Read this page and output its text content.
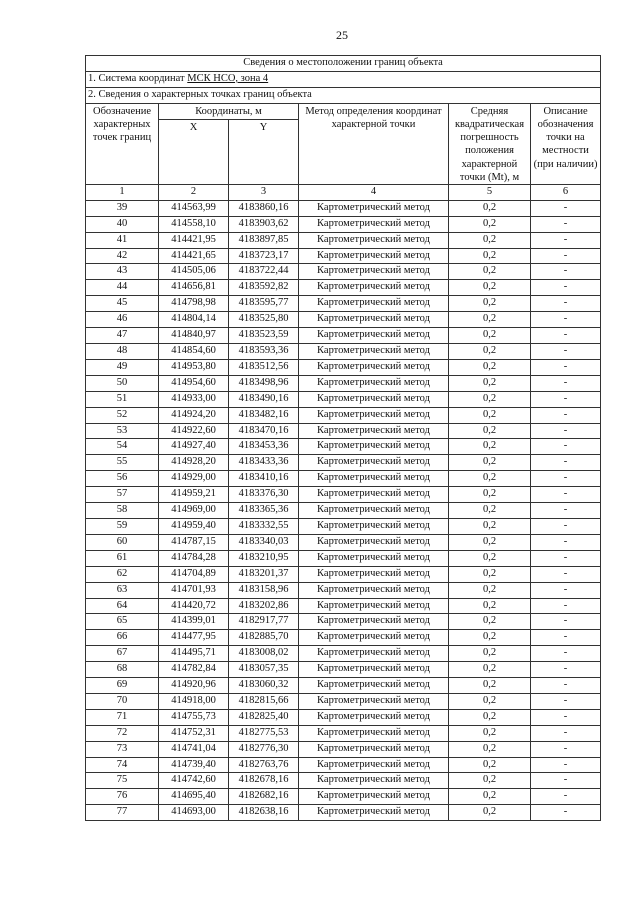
25
Сведения о местоположении границ объекта					
1. Система координат МСК НСО, зона 4					
2. Сведения о характерных точках границ объекта					
Обозначение характерных точек границ	Координаты, м		Метод определения координат характерной точки	Средняя квадратическая погрешность положения характерной точки (Mt), м	Описание обозначения точки на местности (при наличии)
	X	Y			
1	2	3	4	5	6
39	414563,99	4183860,16	Картометрический метод	0,2	-
40	414558,10	4183903,62	Картометрический метод	0,2	-
41	414421,95	4183897,85	Картометрический метод	0,2	-
42	414421,65	4183723,17	Картометрический метод	0,2	-
43	414505,06	4183722,44	Картометрический метод	0,2	-
44	414656,81	4183592,82	Картометрический метод	0,2	-
45	414798,98	4183595,77	Картометрический метод	0,2	-
46	414804,14	4183525,80	Картометрический метод	0,2	-
47	414840,97	4183523,59	Картометрический метод	0,2	-
48	414854,60	4183593,36	Картометрический метод	0,2	-
49	414953,80	4183512,56	Картометрический метод	0,2	-
50	414954,60	4183498,96	Картометрический метод	0,2	-
51	414933,00	4183490,16	Картометрический метод	0,2	-
52	414924,20	4183482,16	Картометрический метод	0,2	-
53	414922,60	4183470,16	Картометрический метод	0,2	-
54	414927,40	4183453,36	Картометрический метод	0,2	-
55	414928,20	4183433,36	Картометрический метод	0,2	-
56	414929,00	4183410,16	Картометрический метод	0,2	-
57	414959,21	4183376,30	Картометрический метод	0,2	-
58	414969,00	4183365,36	Картометрический метод	0,2	-
59	414959,40	4183332,55	Картометрический метод	0,2	-
60	414787,15	4183340,03	Картометрический метод	0,2	-
61	414784,28	4183210,95	Картометрический метод	0,2	-
62	414704,89	4183201,37	Картометрический метод	0,2	-
63	414701,93	4183158,96	Картометрический метод	0,2	-
64	414420,72	4183202,86	Картометрический метод	0,2	-
65	414399,01	4182917,77	Картометрический метод	0,2	-
66	414477,95	4182885,70	Картометрический метод	0,2	-
67	414495,71	4183008,02	Картометрический метод	0,2	-
68	414782,84	4183057,35	Картометрический метод	0,2	-
69	414920,96	4183060,32	Картометрический метод	0,2	-
70	414918,00	4182815,66	Картометрический метод	0,2	-
71	414755,73	4182825,40	Картометрический метод	0,2	-
72	414752,31	4182775,53	Картометрический метод	0,2	-
73	414741,04	4182776,30	Картометрический метод	0,2	-
74	414739,40	4182763,76	Картометрический метод	0,2	-
75	414742,60	4182678,16	Картометрический метод	0,2	-
76	414695,40	4182682,16	Картометрический метод	0,2	-
77	414693,00	4182638,16	Картометрический метод	0,2	-
